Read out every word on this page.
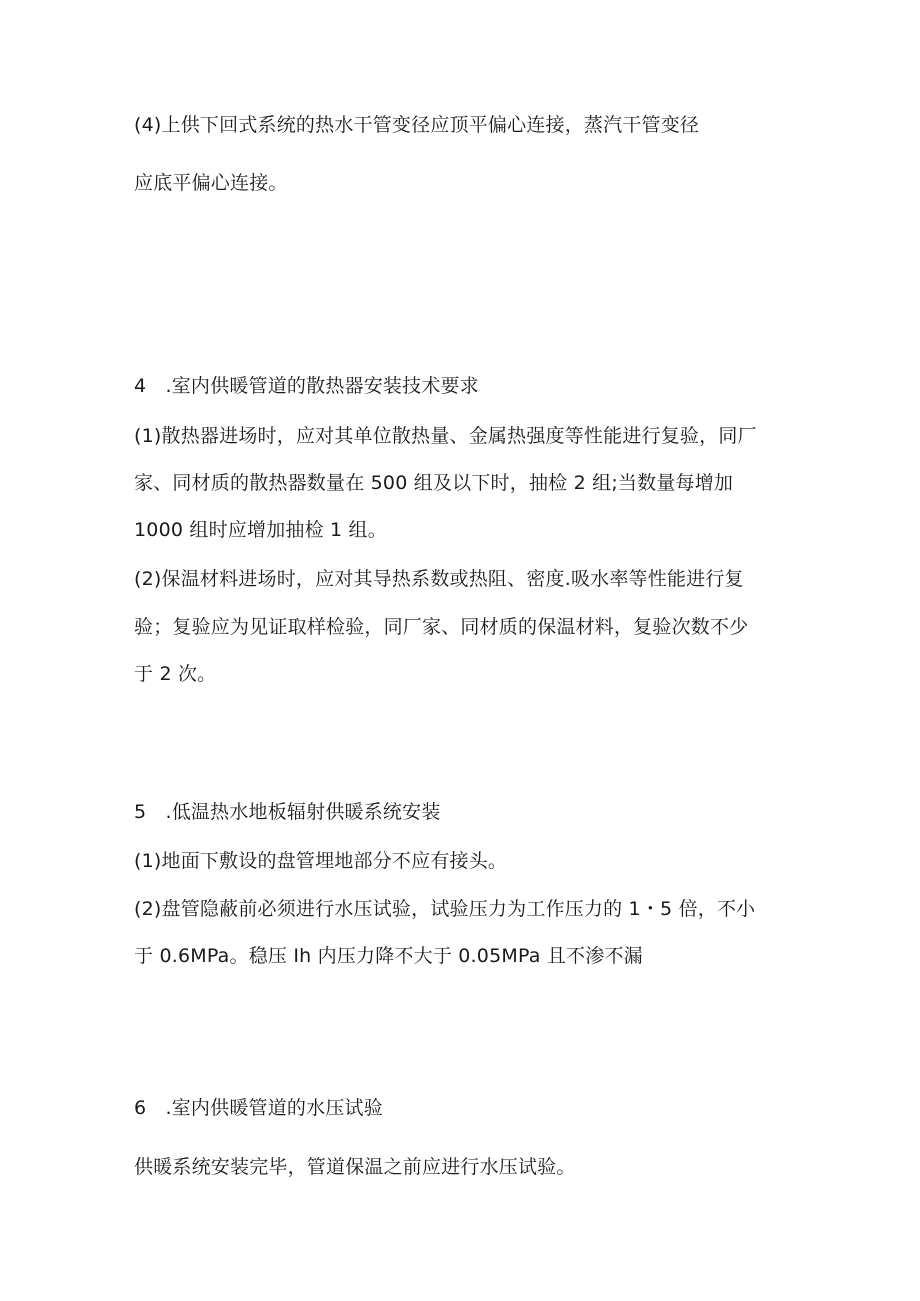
(4)上供下回式系统的热水干管变径应顶平偏心连接，蒸汽干管变径
应底平偏心连接。
4　.室内供暖管道的散热器安装技术要求
(1)散热器进场时，应对其单位散热量、金属热强度等性能进行复验，同厂
家、同材质的散热器数量在 500 组及以下时，抽检 2 组;当数量每增加
1000 组时应增加抽检 1 组。
(2)保温材料进场时，应对其导热系数或热阻、密度.吸水率等性能进行复
验；复验应为见证取样检验，同厂家、同材质的保温材料，复验次数不少
于 2 次。
5　.低温热水地板辐射供暖系统安装
(1)地面下敷设的盘管埋地部分不应有接头。
(2)盘管隐蔽前必须进行水压试验，试验压力为工作压力的 1・5 倍，不小
于 0.6MPa。稳压 Ih 内压力降不大于 0.05MPa 且不渗不漏
6　.室内供暖管道的水压试验
供暖系统安装完毕，管道保温之前应进行水压试验。
